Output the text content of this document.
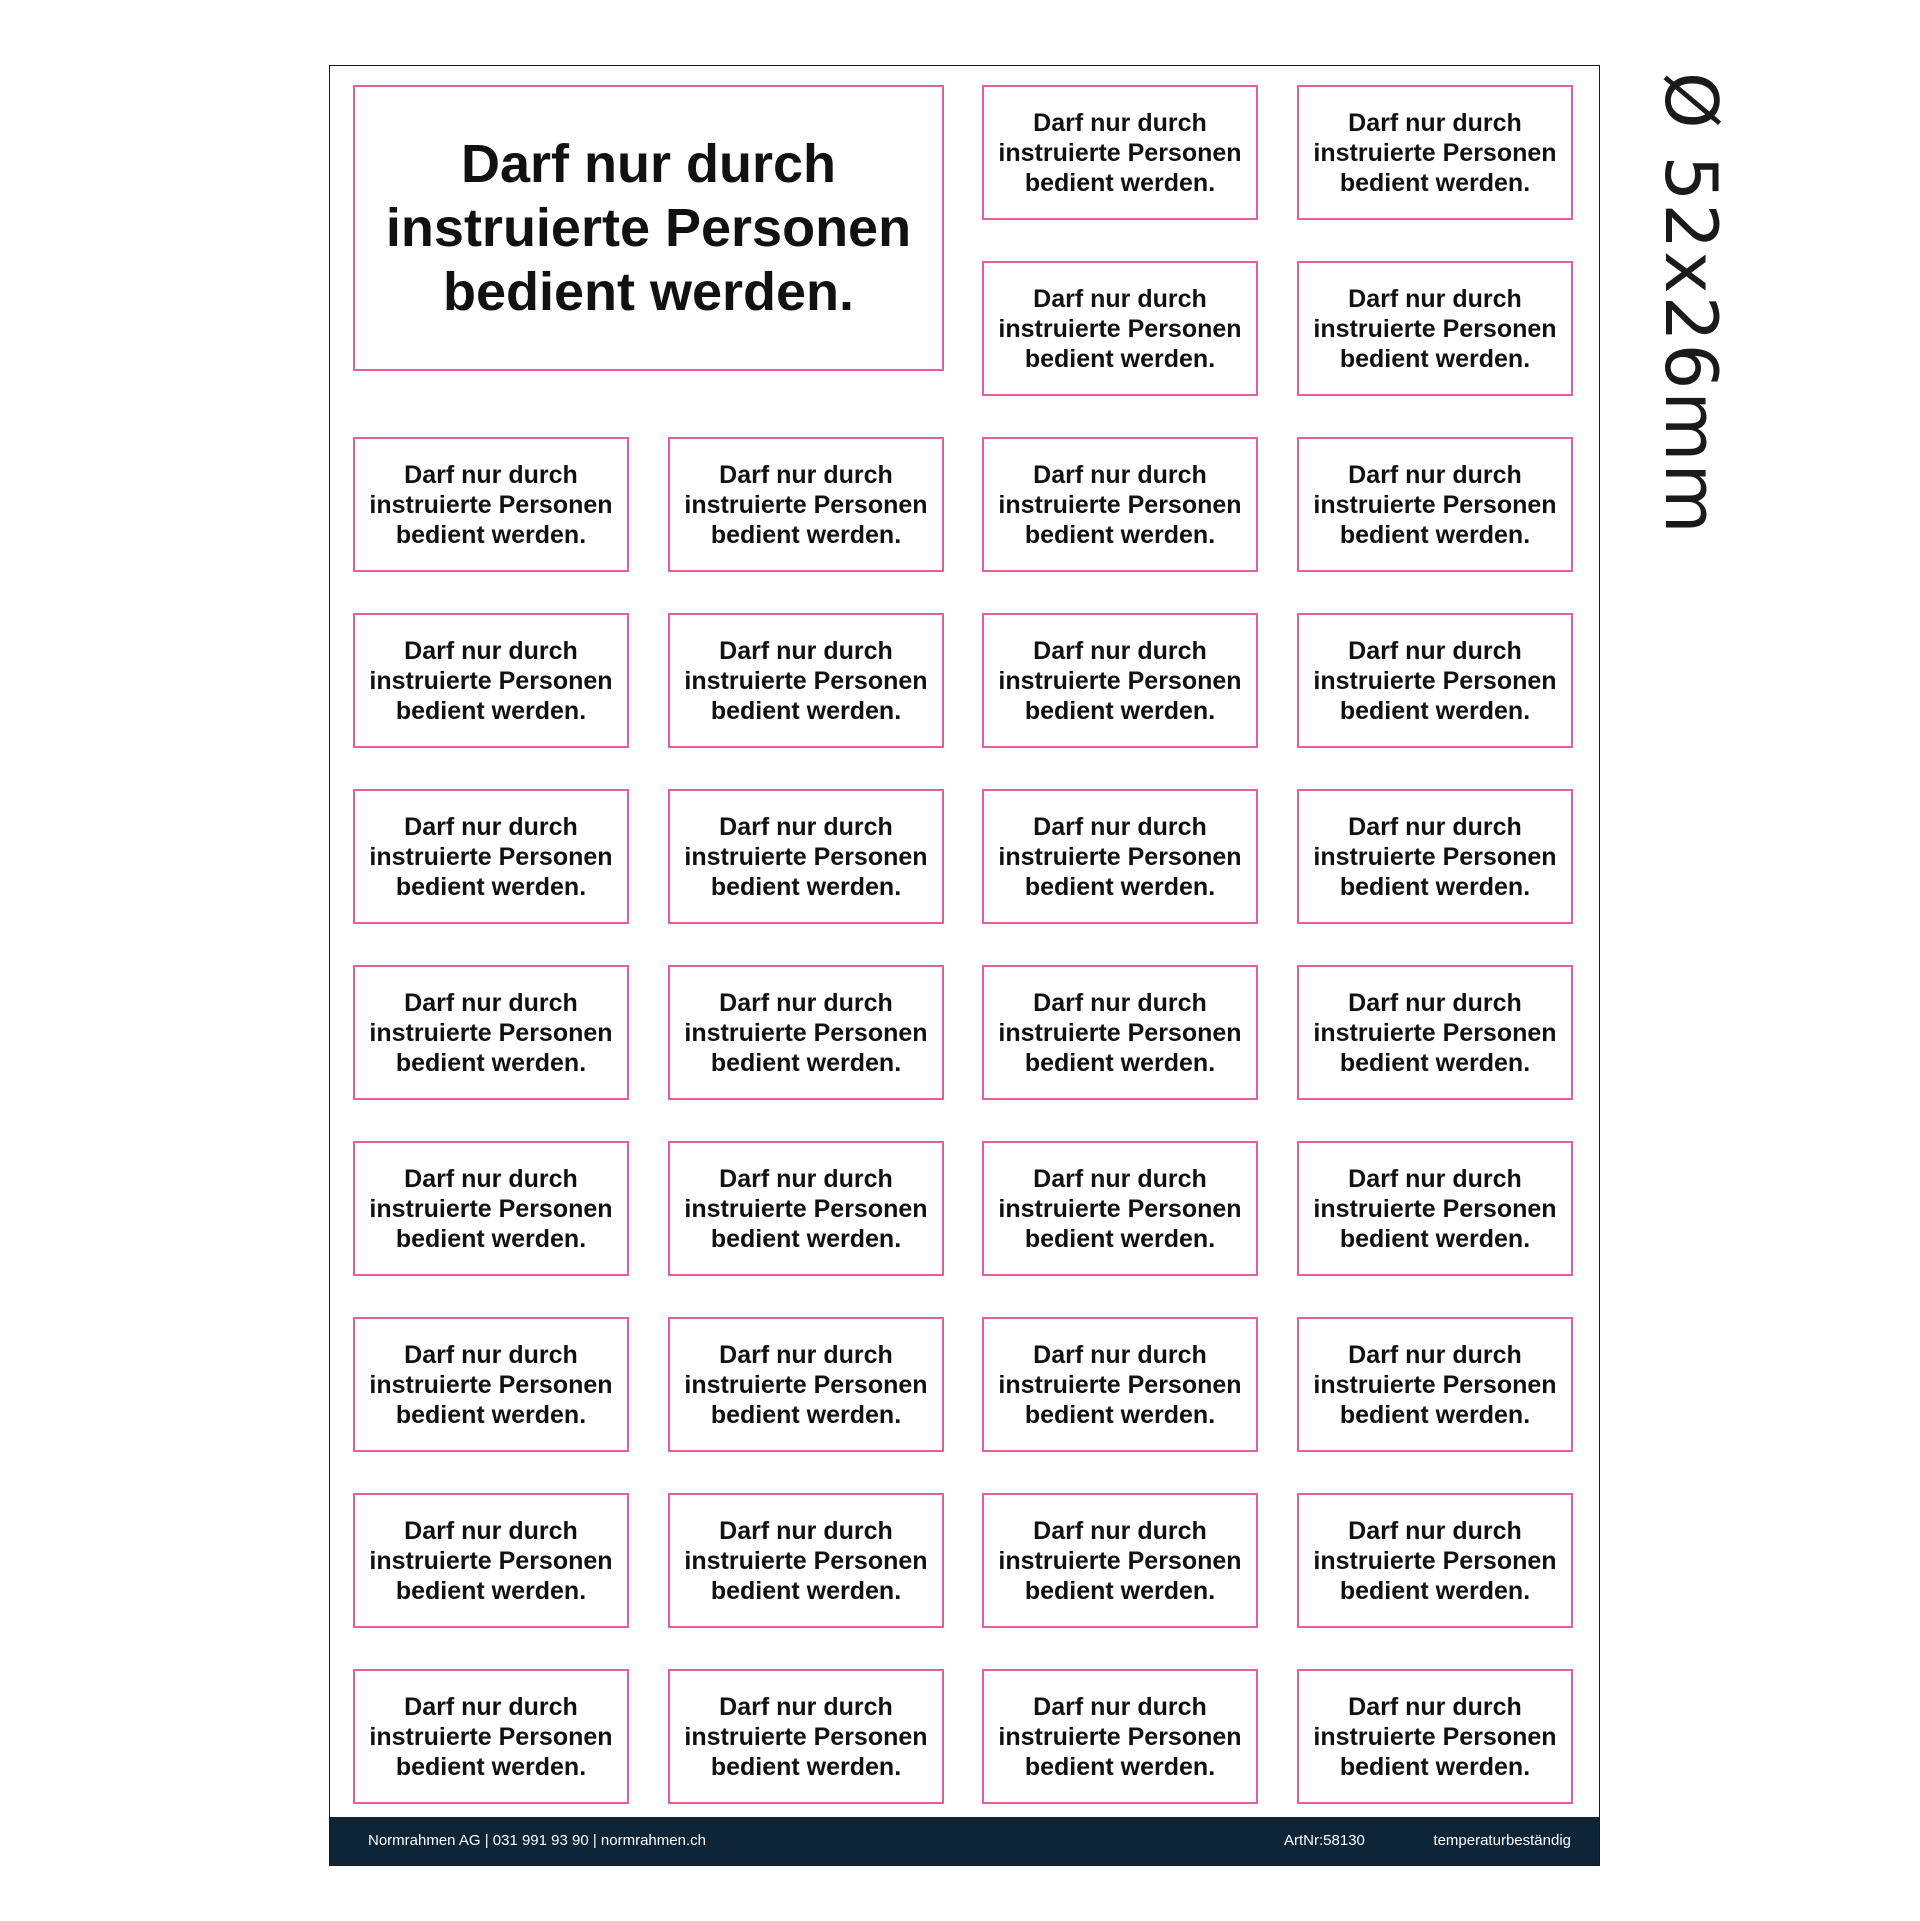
Darf nur durch
instruierte Personen
bedient werden.
Darf nur durch
instruierte Personen
bedient werden.
Darf nur durch
instruierte Personen
bedient werden.
Darf nur durch
instruierte Personen
bedient werden.
Darf nur durch
instruierte Personen
bedient werden.
Darf nur durch
instruierte Personen
bedient werden.
Darf nur durch
instruierte Personen
bedient werden.
Darf nur durch
instruierte Personen
bedient werden.
Darf nur durch
instruierte Personen
bedient werden.
Darf nur durch
instruierte Personen
bedient werden.
Darf nur durch
instruierte Personen
bedient werden.
Darf nur durch
instruierte Personen
bedient werden.
Darf nur durch
instruierte Personen
bedient werden.
Darf nur durch
instruierte Personen
bedient werden.
Darf nur durch
instruierte Personen
bedient werden.
Darf nur durch
instruierte Personen
bedient werden.
Darf nur durch
instruierte Personen
bedient werden.
Darf nur durch
instruierte Personen
bedient werden.
Darf nur durch
instruierte Personen
bedient werden.
Darf nur durch
instruierte Personen
bedient werden.
Darf nur durch
instruierte Personen
bedient werden.
Darf nur durch
instruierte Personen
bedient werden.
Darf nur durch
instruierte Personen
bedient werden.
Darf nur durch
instruierte Personen
bedient werden.
Darf nur durch
instruierte Personen
bedient werden.
Darf nur durch
instruierte Personen
bedient werden.
Darf nur durch
instruierte Personen
bedient werden.
Darf nur durch
instruierte Personen
bedient werden.
Darf nur durch
instruierte Personen
bedient werden.
Darf nur durch
instruierte Personen
bedient werden.
Darf nur durch
instruierte Personen
bedient werden.
Darf nur durch
instruierte Personen
bedient werden.
Darf nur durch
instruierte Personen
bedient werden.
Darf nur durch
instruierte Personen
bedient werden.
Darf nur durch
instruierte Personen
bedient werden.
Darf nur durch
instruierte Personen
bedient werden.
Darf nur durch
instruierte Personen
bedient werden.
Normrahmen AG | 031 991 93 90 | normrahmen.ch	ArtNr:58130	temperaturbeständig
Ø 52x26mm
